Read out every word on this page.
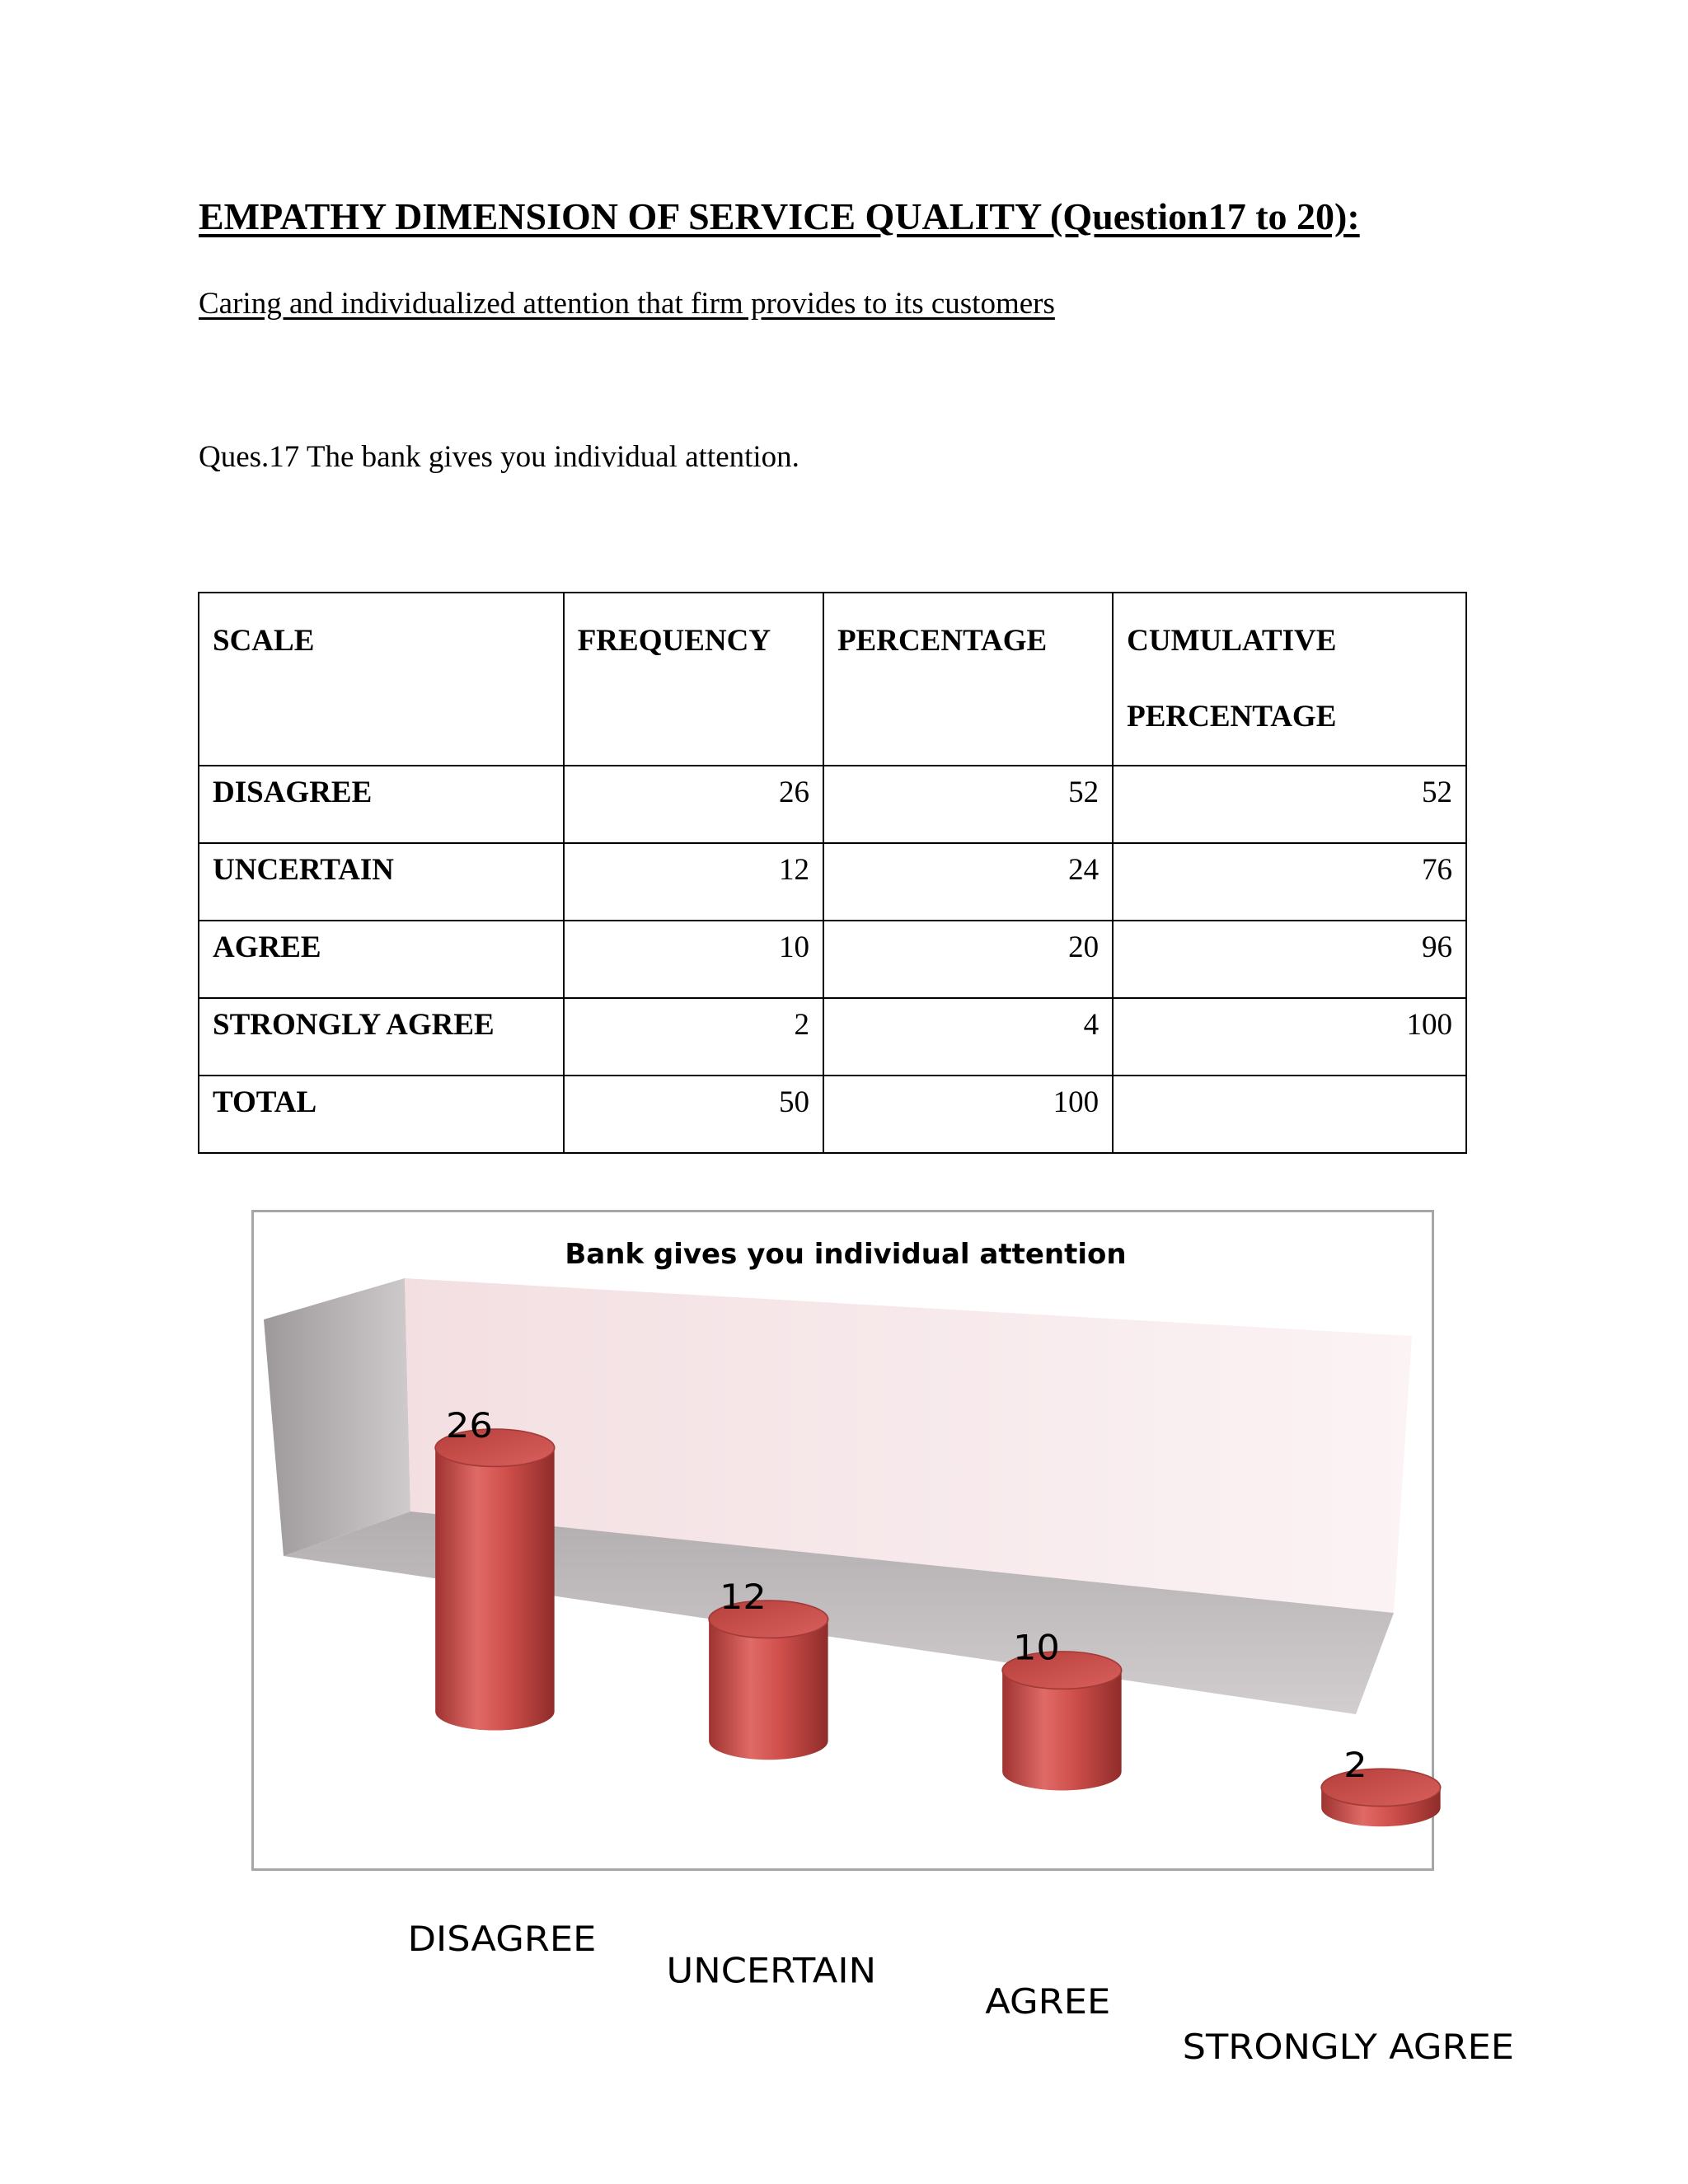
EMPATHY DIMENSION OF SERVICE QUALITY (Question17 to 20):

Caring and individualized attention that firm provides to its customers

Ques.17 The bank gives you individual attention.

SCALE	FREQUENCY	PERCENTAGE	CUMULATIVE
PERCENTAGE
DISAGREE	26	52	52
UNCERTAIN	12	24	76
AGREE	10	20	96
STRONGLY AGREE	2	4	100
TOTAL	50	100	
Bank gives you individual attention
26
12
10
2
DISAGREE
UNCERTAIN
AGREE
STRONGLY AGREE
